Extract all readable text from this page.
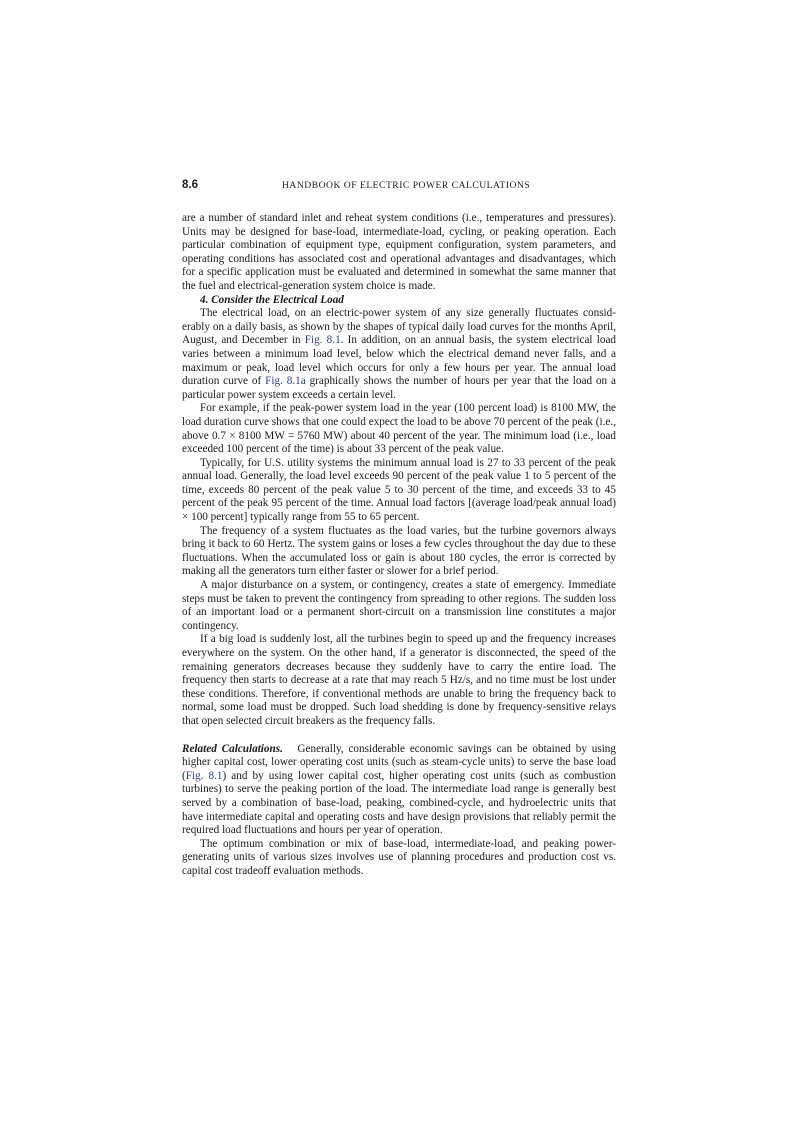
8.6	HANDBOOK OF ELECTRIC POWER CALCULATIONS

are a number of standard inlet and reheat system conditions (i.e., temperatures and pressures). Units may be designed for base-load, intermediate-load, cycling, or peaking operation. Each particular combination of equipment type, equipment configuration, system parameters, and operating conditions has associated cost and operational advantages and disadvantages, which for a specific application must be evaluated and determined in somewhat the same manner that the fuel and electrical-generation system choice is made.

4. Consider the Electrical Load

The electrical load, on an electric-power system of any size generally fluctuates considerably on a daily basis, as shown by the shapes of typical daily load curves for the months April, August, and December in Fig. 8.1. In addition, on an annual basis, the system electrical load varies between a minimum load level, below which the electrical demand never falls, and a maximum or peak, load level which occurs for only a few hours per year. The annual load duration curve of Fig. 8.1a graphically shows the number of hours per year that the load on a particular power system exceeds a certain level.

For example, if the peak-power system load in the year (100 percent load) is 8100 MW, the load duration curve shows that one could expect the load to be above 70 percent of the peak (i.e., above 0.7 × 8100 MW = 5760 MW) about 40 percent of the year. The minimum load (i.e., load exceeded 100 percent of the time) is about 33 percent of the peak value.

Typically, for U.S. utility systems the minimum annual load is 27 to 33 percent of the peak annual load. Generally, the load level exceeds 90 percent of the peak value 1 to 5 percent of the time, exceeds 80 percent of the peak value 5 to 30 percent of the time, and exceeds 33 to 45 percent of the peak 95 percent of the time. Annual load factors [(average load/peak annual load) × 100 percent] typically range from 55 to 65 percent.

The frequency of a system fluctuates as the load varies, but the turbine governors always bring it back to 60 Hertz. The system gains or loses a few cycles throughout the day due to these fluctuations. When the accumulated loss or gain is about 180 cycles, the error is corrected by making all the generators turn either faster or slower for a brief period.

A major disturbance on a system, or contingency, creates a state of emergency. Immediate steps must be taken to prevent the contingency from spreading to other regions. The sudden loss of an important load or a permanent short-circuit on a transmission line constitutes a major contingency.

If a big load is suddenly lost, all the turbines begin to speed up and the frequency increases everywhere on the system. On the other hand, if a generator is disconnected, the speed of the remaining generators decreases because they suddenly have to carry the entire load. The frequency then starts to decrease at a rate that may reach 5 Hz/s, and no time must be lost under these conditions. Therefore, if conventional methods are unable to bring the frequency back to normal, some load must be dropped. Such load shedding is done by frequency-sensitive relays that open selected circuit breakers as the frequency falls.

Related Calculations.   Generally, considerable economic savings can be obtained by using higher capital cost, lower operating cost units (such as steam-cycle units) to serve the base load (Fig. 8.1) and by using lower capital cost, higher operating cost units (such as combustion turbines) to serve the peaking portion of the load. The intermediate load range is generally best served by a combination of base-load, peaking, combined-cycle, and hydroelectric units that have intermediate capital and operating costs and have design provisions that reliably permit the required load fluctuations and hours per year of operation.

The optimum combination or mix of base-load, intermediate-load, and peaking power-generating units of various sizes involves use of planning procedures and production cost vs. capital cost tradeoff evaluation methods.
